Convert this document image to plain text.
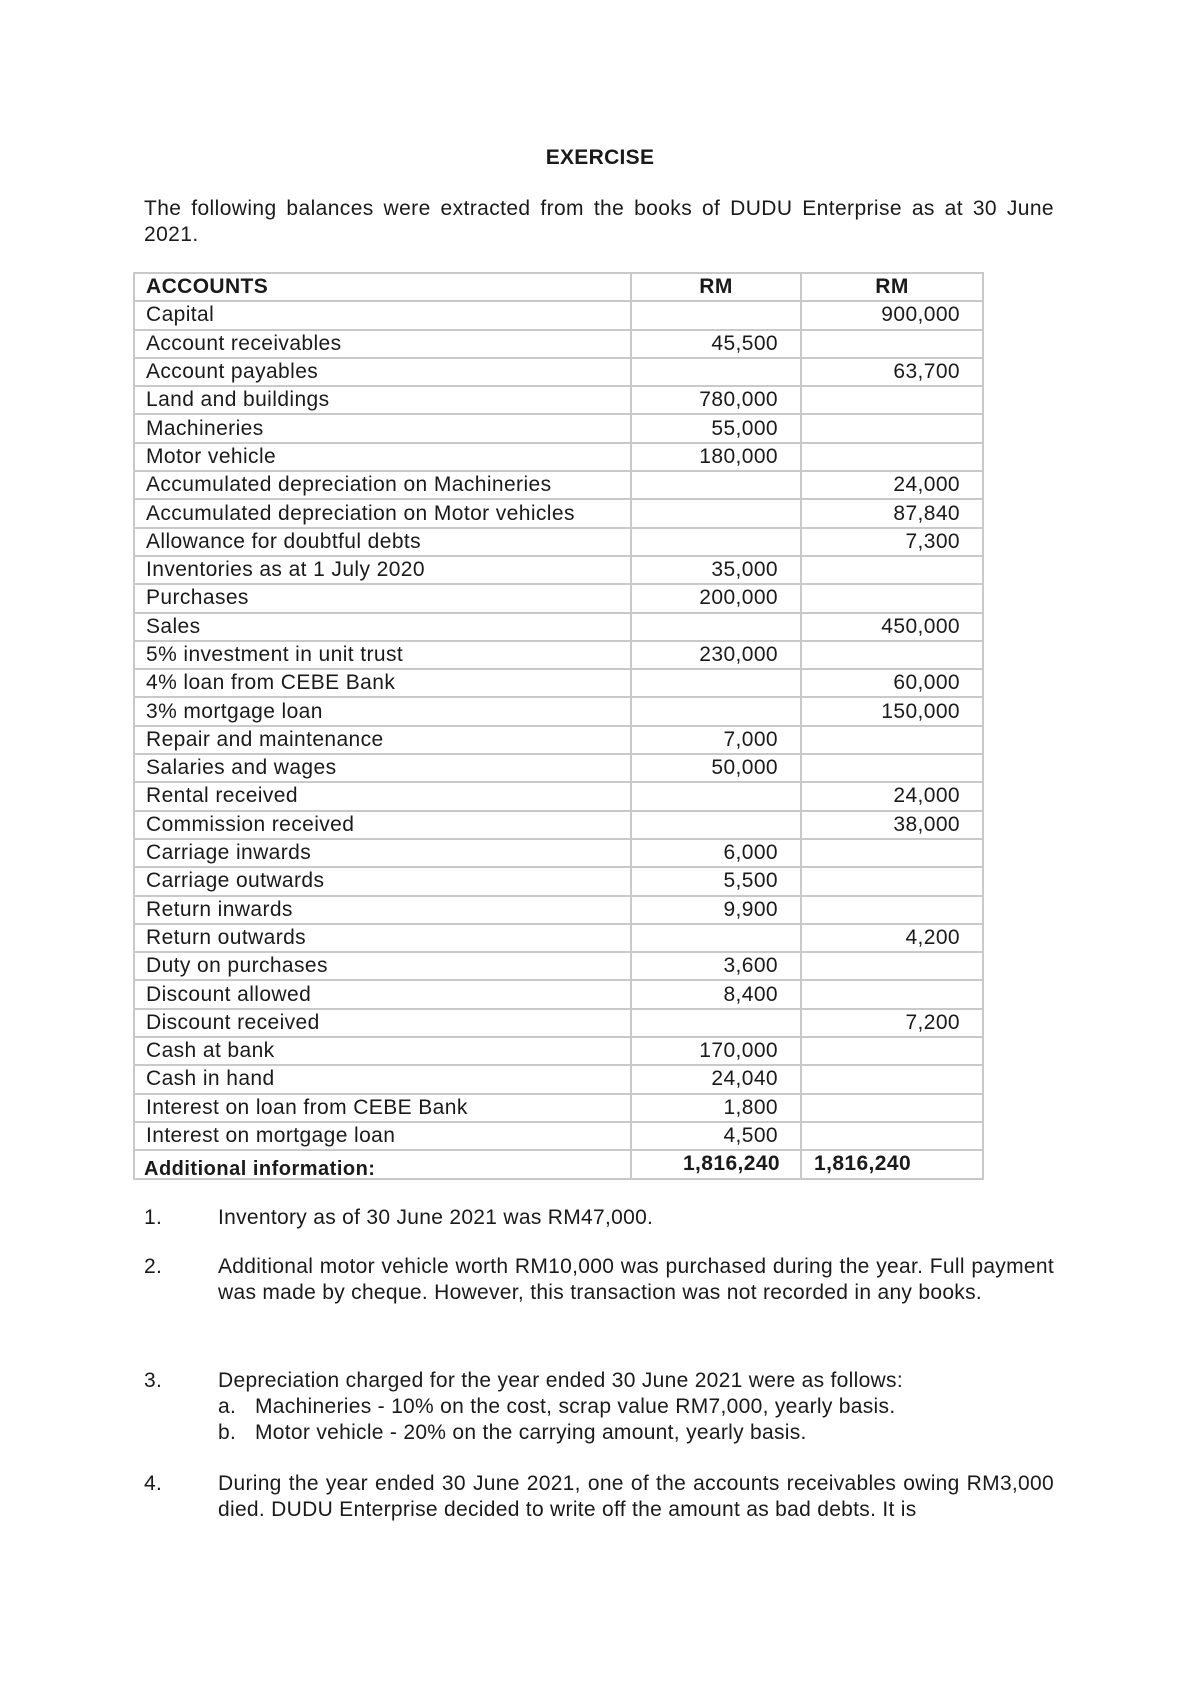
EXERCISE
The following balances were extracted from the books of DUDU Enterprise as at 30 June 2021.
ACCOUNTS	RM	RM
Capital		900,000
Account receivables	45,500	
Account payables		63,700
Land and buildings	780,000	
Machineries	55,000	
Motor vehicle	180,000	
Accumulated depreciation on Machineries		24,000
Accumulated depreciation on Motor vehicles		87,840
Allowance for doubtful debts		7,300
Inventories as at 1 July 2020	35,000	
Purchases	200,000	
Sales		450,000
5% investment in unit trust	230,000	
4% loan from CEBE Bank		60,000
3% mortgage loan		150,000
Repair and maintenance	7,000	
Salaries and wages	50,000	
Rental received		24,000
Commission received		38,000
Carriage inwards	6,000	
Carriage outwards	5,500	
Return inwards	9,900	
Return outwards		4,200
Duty on purchases	3,600	
Discount allowed	8,400	
Discount received		7,200
Cash at bank	170,000	
Cash in hand	24,040	
Interest on loan from CEBE Bank	1,800	
Interest on mortgage loan	4,500	
	1,816,240	1,816,240
Additional information:
1.	Inventory as of 30 June 2021 was RM47,000.
2.	Additional motor vehicle worth RM10,000 was purchased during the year. Full payment was made by cheque. However, this transaction was not recorded in any books.
3.	Depreciation charged for the year ended 30 June 2021 were as follows:
a. Machineries - 10% on the cost, scrap value RM7,000, yearly basis.
b. Motor vehicle - 20% on the carrying amount, yearly basis.
4.	During the year ended 30 June 2021, one of the accounts receivables owing RM3,000 died. DUDU Enterprise decided to write off the amount as bad debts. It is
